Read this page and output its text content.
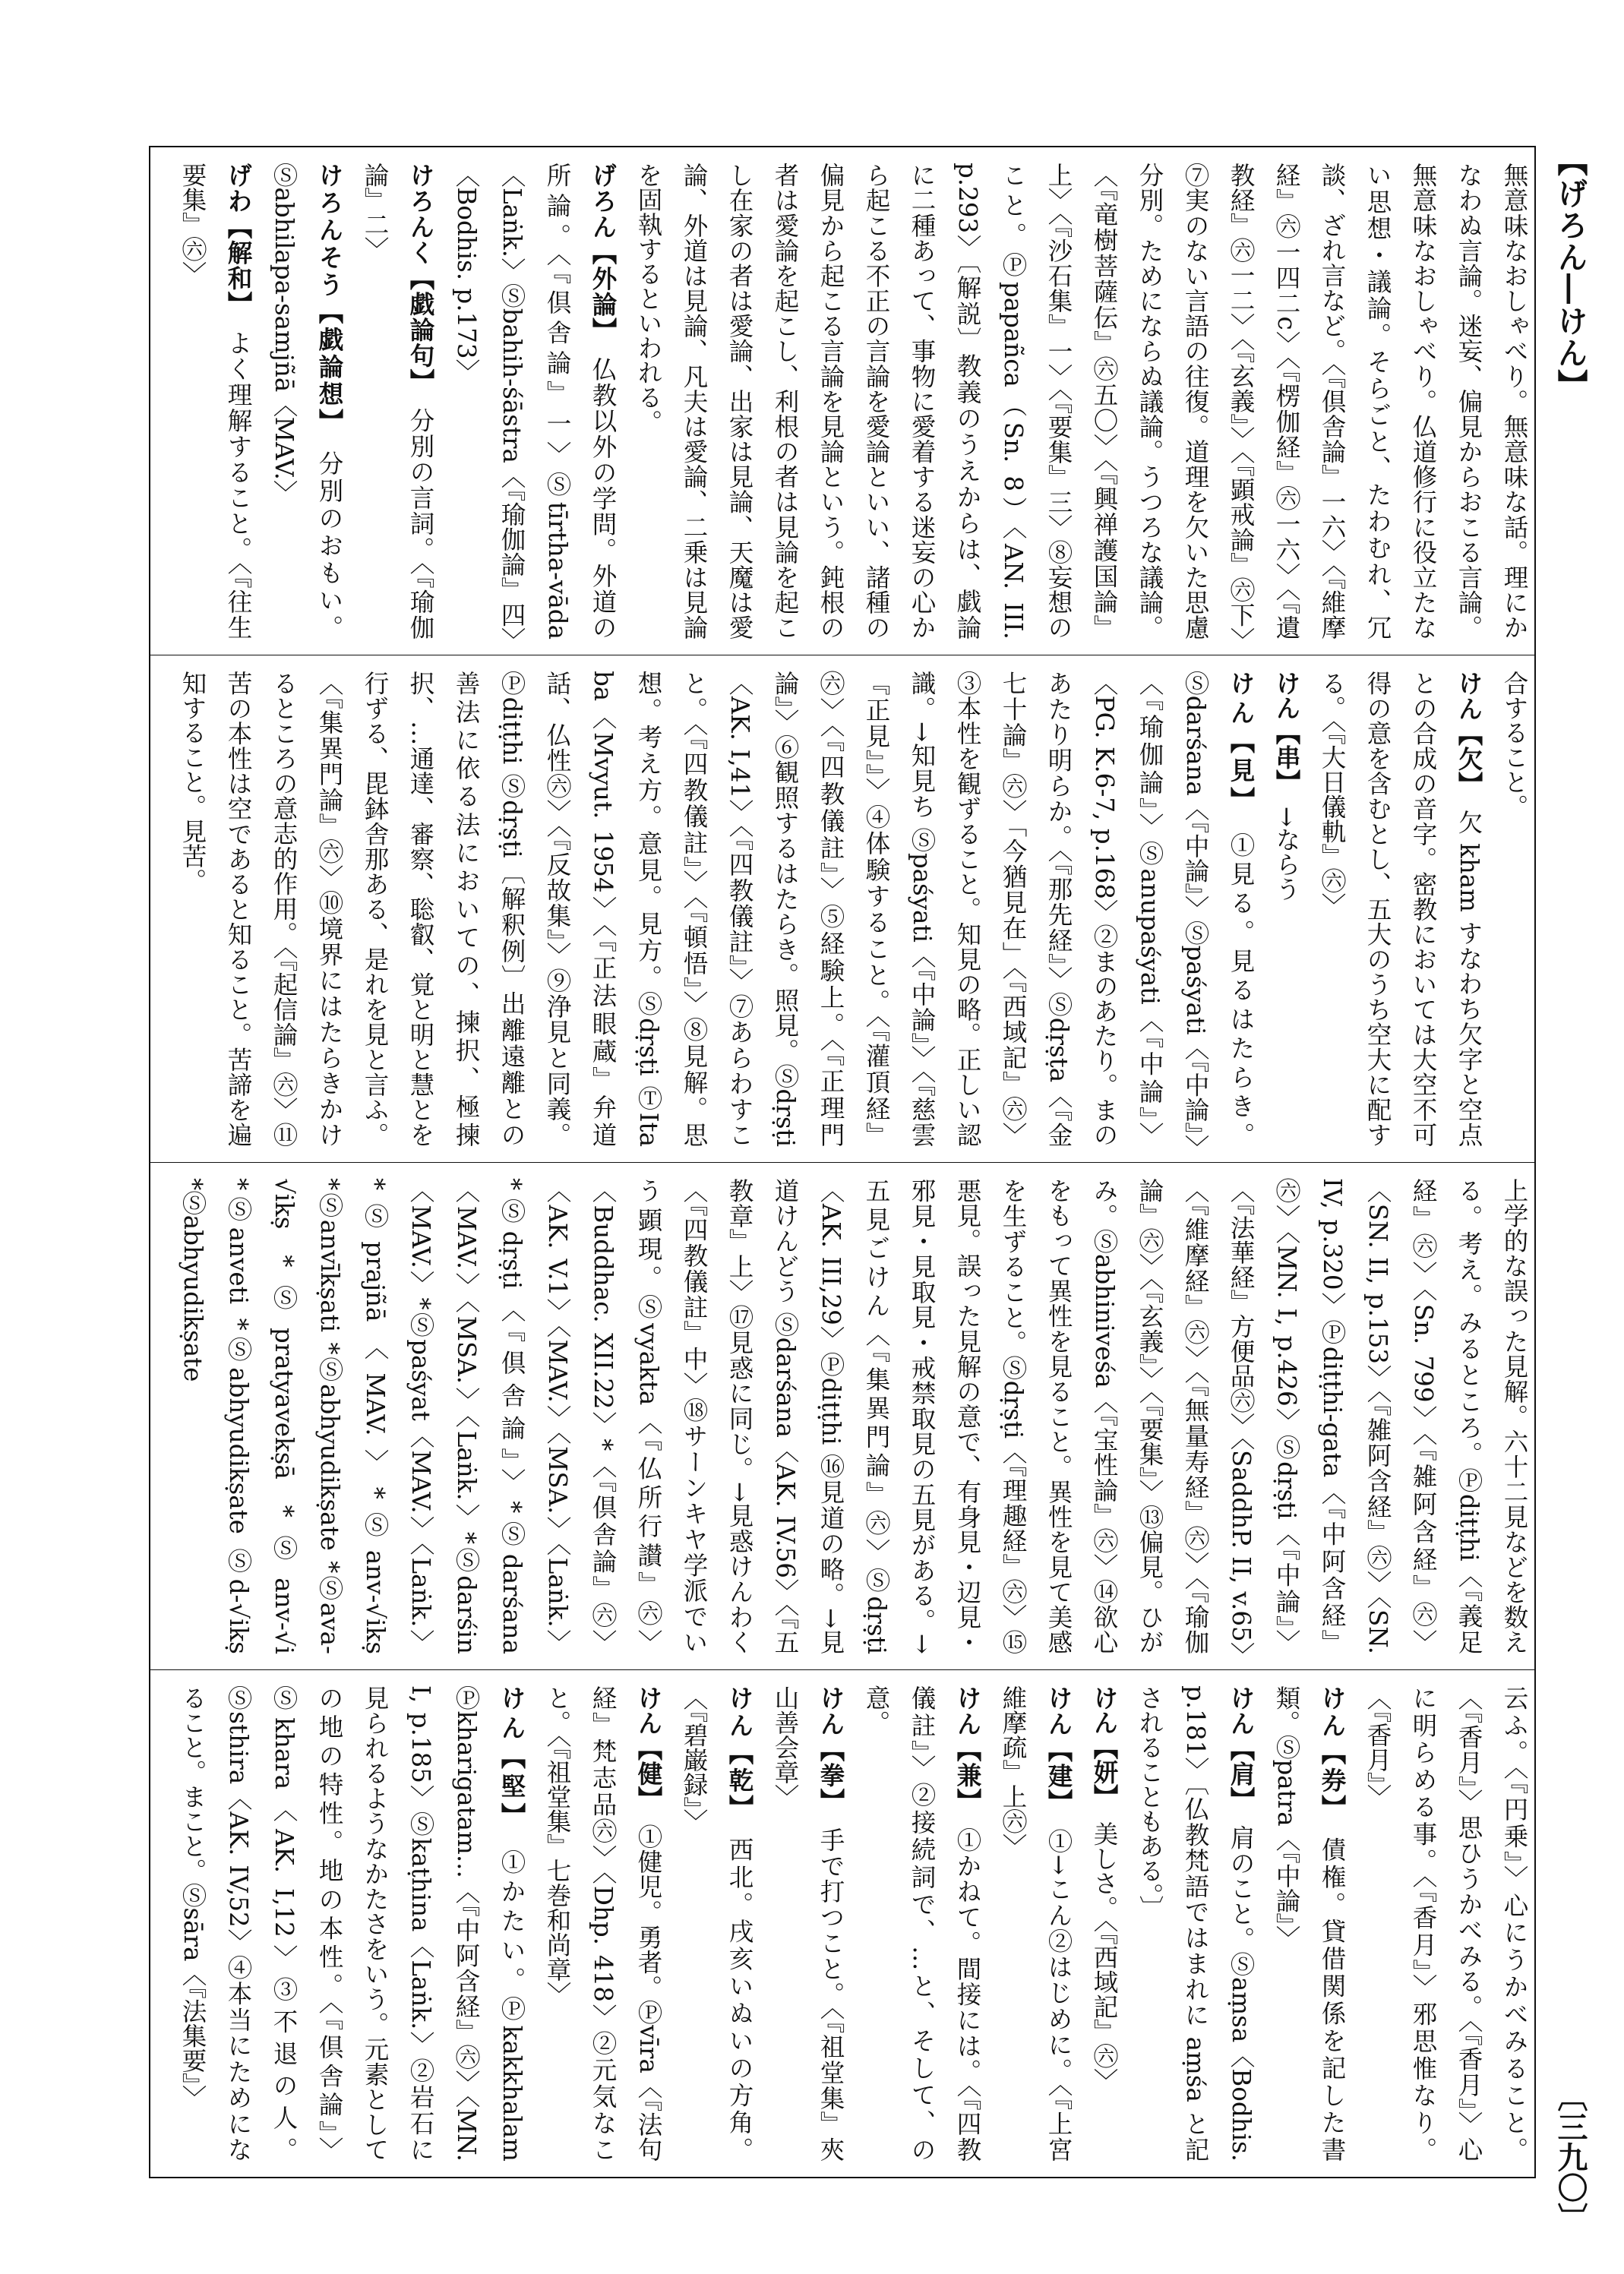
【げろん―けん】
〔三九〇〕
無意味なおしゃべり。無意味な話。理にかなわぬ言論。迷妄、偏見からおこる言論。無意味なおしゃべり。仏道修行に役立たない思想・議論。そらごと、たわむれ、冗談、ざれ言など。〈『倶舎論』一六〉〈『維摩経』㊅一四二c〉〈『楞伽経』㊅一六〉〈『遺教経』㊅一二〉〈『玄義』〉〈『顕戒論』㊅下〉⑦実のない言語の往復。道理を欠いた思慮分別。ためにならぬ議論。うつろな議論。〈『竜樹菩薩伝』㊅五〇〉〈『興禅護国論』上〉〈『沙石集』一〉〈『要集』三〉⑧妄想のこと。Ⓟpapañca（Sn. 8）〈AN. III. p.293〉〔解説〕教義のうえからは、戯論に二種あって、事物に愛着する迷妄の心から起こる不正の言論を愛論といい、諸種の偏見から起こる言論を見論という。鈍根の者は愛論を起こし、利根の者は見論を起こし在家の者は愛論、出家は見論、天魔は愛論、外道は見論、凡夫は愛論、二乗は見論を固執するといわれる。
げろん【外論】　仏教以外の学問。外道の所論。〈『倶舎論』一〉Ⓢtīrtha-vāda〈Laṅk.〉Ⓢbahih-śāstra〈『瑜伽論』四〉〈Bodhis. p.173〉
けろんく【戯論句】　分別の言詞。〈『瑜伽論』二〉
けろんそう【戯論想】　分別のおもい。Ⓢabhilapa-samjñā〈MAV.〉
げわ【解和】　よく理解すること。〈『往生要集』㊅〉

　合すること。
けん【欠】　欠 kham すなわち欠字と空点との合成の音字。密教においては大空不可得の意を含むとし、五大のうち空大に配する。〈『大日儀軌』㊅〉
けん【串】　→ならう
けん【見】　①見る。見るはたらき。Ⓢdarśana〈『中論』〉Ⓢpaśyati〈『中論』〉〈『瑜伽論』〉Ⓢanupaśyati〈『中論』〉〈PG. K.6-7, p.168〉②まのあたり。まのあたり明らか。〈『那先経』〉Ⓢdṛṣṭa〈『金七十論』㊅〉「今猶見在」〈『西域記』㊅〉③本性を観ずること。知見の略。正しい認識。→知見ち Ⓢpaśyati〈『中論』〉〈『慈雲『正見』』〉④体験すること。〈『灌頂経』㊅〉〈『四教儀註』〉⑤経験上。〈『正理門論』〉⑥観照するはたらき。照見。Ⓢdṛṣṭi〈AK. I,41〉〈『四教儀註』〉⑦あらわすこと。〈『四教儀註』〉〈『頓悟』〉⑧見解。思想。考え方。意見。見方。Ⓢdṛṣṭi ⓉIta ba〈Mvyut. 1954〉〈『正法眼蔵』弁道話、仏性㊅〉〈『反故集』〉⑨浄見と同義。Ⓟdiṭṭhi Ⓢdṛṣṭi〔解釈例〕出離遠離との善法に依る法においての、揀択、極揀択、…通達、審察、聡叡、覚と明と慧とを行ずる、毘鉢舎那ある、是れを見と言ふ。〈『集異門論』㊅〉⑩境界にはたらきかけるところの意志的作用。〈『起信論』㊅〉⑪苦の本性は空であると知ること。苦諦を遍知すること。見苦。
上学的な誤った見解。六十二見などを数える。考え。みるところ。Ⓟdiṭṭhi〈『義足経』㊅〉〈Sn. 799〉〈『雑阿含経』㊅〉〈SN. II, p.153〉〈『雑阿含経』㊅〉〈SN. IV, p.320〉Ⓟdiṭṭhi-gata〈『中阿含経』㊅〉〈MN. I, p.426〉Ⓢdṛṣṭi〈『中論』〉〈『法華経』方便品㊅〉〈SaddhP. II, v.65〉〈『維摩経』㊅〉〈『無量寿経』㊅〉〈『瑜伽論』㊅〉〈『玄義』〉〈『要集』〉⑬偏見。ひがみ。Ⓢabhiniveśa〈『宝性論』㊅〉⑭欲心をもって異性を見ること。異性を見て美感を生ずること。Ⓢdṛṣṭi〈『理趣経』㊅〉⑮悪見。誤った見解の意で、有身見・辺見・邪見・見取見・戒禁取見の五見がある。→五見ごけん〈『集異門論』㊅〉Ⓢdṛṣṭi〈AK. III,29〉Ⓟdiṭṭhi ⑯見道の略。→見道けんどう Ⓢdarśana〈AK. IV.56〉〈『五教章』上〉⑰見惑に同じ。→見惑けんわく〈『四教儀註』中〉⑱サーンキヤ学派でいう顕現。Ⓢvyakta〈『仏所行讃』㊅〉〈Buddhac. XII.22〉*〈『倶舎論』㊅〉〈AK. V.1〉〈MAV.〉〈MSA.〉〈Laṅk.〉*Ⓢdṛṣṭi〈『倶舎論』〉*Ⓢdarśana〈MAV.〉〈MSA.〉〈Laṅk.〉*Ⓢdarśin〈MAV.〉*Ⓢpaśyat〈MAV.〉〈Laṅk.〉*Ⓢprajñā〈MAV.〉*Ⓢanv-√ikṣ *Ⓢanvīkṣati *Ⓢabhyudikṣate *Ⓢava-√ikṣ *Ⓢpratyavekṣā *Ⓢanv-√i *Ⓢanveti *Ⓢabhyudikṣate Ⓢd-√ikṣ *Ⓢabhyudikṣate
云ふ。〈『円乗』〉心にうかべみること。〈『香月』〉思ひうかべみる。〈『香月』〉心に明らめる事。〈『香月』〉邪思惟なり。〈『香月』〉
けん【券】　債権。貸借関係を記した書類。Ⓢpatra〈『中論』〉
けん【肩】　肩のこと。Ⓢaṃsa〈Bodhis. p.181〉〔仏教梵語ではまれに aṃśa と記されることもある。〕
けん【妍】　美しさ。〈『西域記』㊅〉
けん【建】　①→こん②はじめに。〈『上宮維摩疏』上㊅〉
けん【兼】　①かねて。間接には。〈『四教儀註』〉②接続詞で、…と、そして、の意。
けん【拳】　手で打つこと。〈『祖堂集』夾山善会章〉
けん【乾】　西北。戌亥いぬいの方角。〈『碧巌録』〉
けん【健】　①健児。勇者。Ⓟvīra〈『法句経』梵志品㊅〉〈Dhp. 418〉②元気なこと。〈『祖堂集』七巻和尚章〉
けん【堅】　①かたい。Ⓟkakkhalam Ⓟkharigatam...〈『中阿含経』㊅〉〈MN. I, p.185〉Ⓢkaṭhina〈Laṅk.〉②岩石に見られるようなかたさをいう。元素としての地の特性。地の本性。〈『倶舎論』〉Ⓢkhara〈AK. I,12〉③不退の人。Ⓢsthira〈AK. IV,52〉④本当にためになること。まこと。Ⓢsāra〈『法集要』〉
